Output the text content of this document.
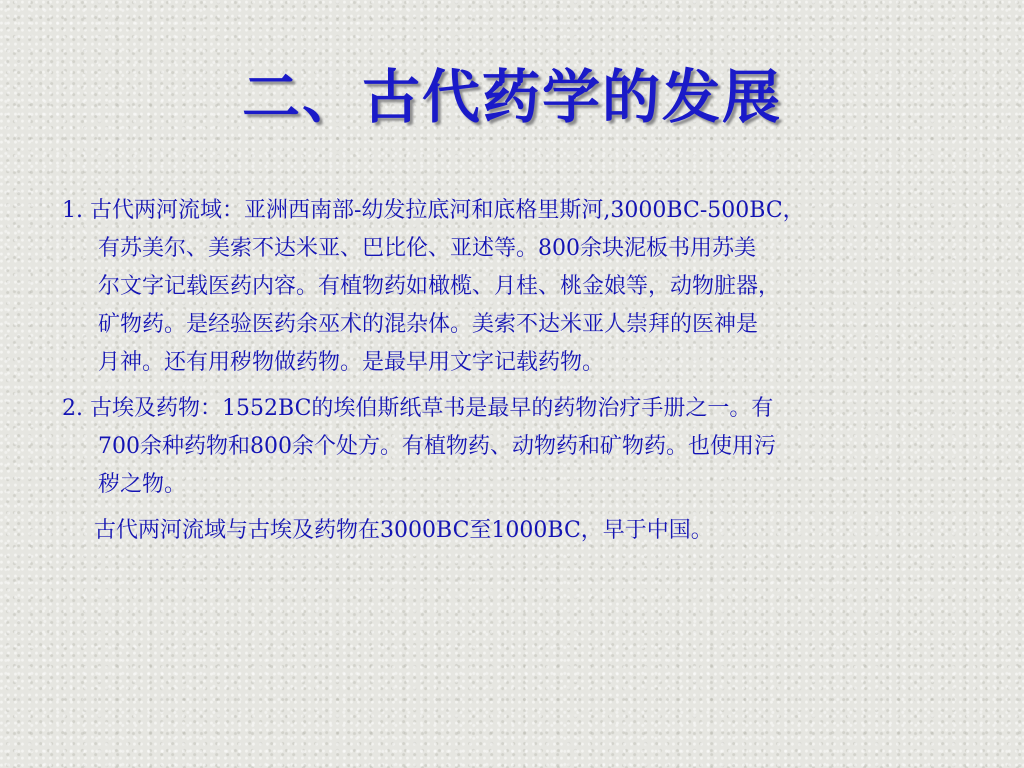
二、古代药学的发展
1. 古代两河流域：亚洲西南部-幼发拉底河和底格里斯河,3000BC-500BC，
有苏美尔、美索不达米亚、巴比伦、亚述等。800余块泥板书用苏美
尔文字记载医药内容。有植物药如橄榄、月桂、桃金娘等，动物脏器，
矿物药。是经验医药余巫术的混杂体。美索不达米亚人崇拜的医神是
月神。还有用秽物做药物。是最早用文字记载药物。
2. 古埃及药物：1552BC的埃伯斯纸草书是最早的药物治疗手册之一。有
700余种药物和800余个处方。有植物药、动物药和矿物药。也使用污
秽之物。
古代两河流域与古埃及药物在3000BC至1000BC，早于中国。
